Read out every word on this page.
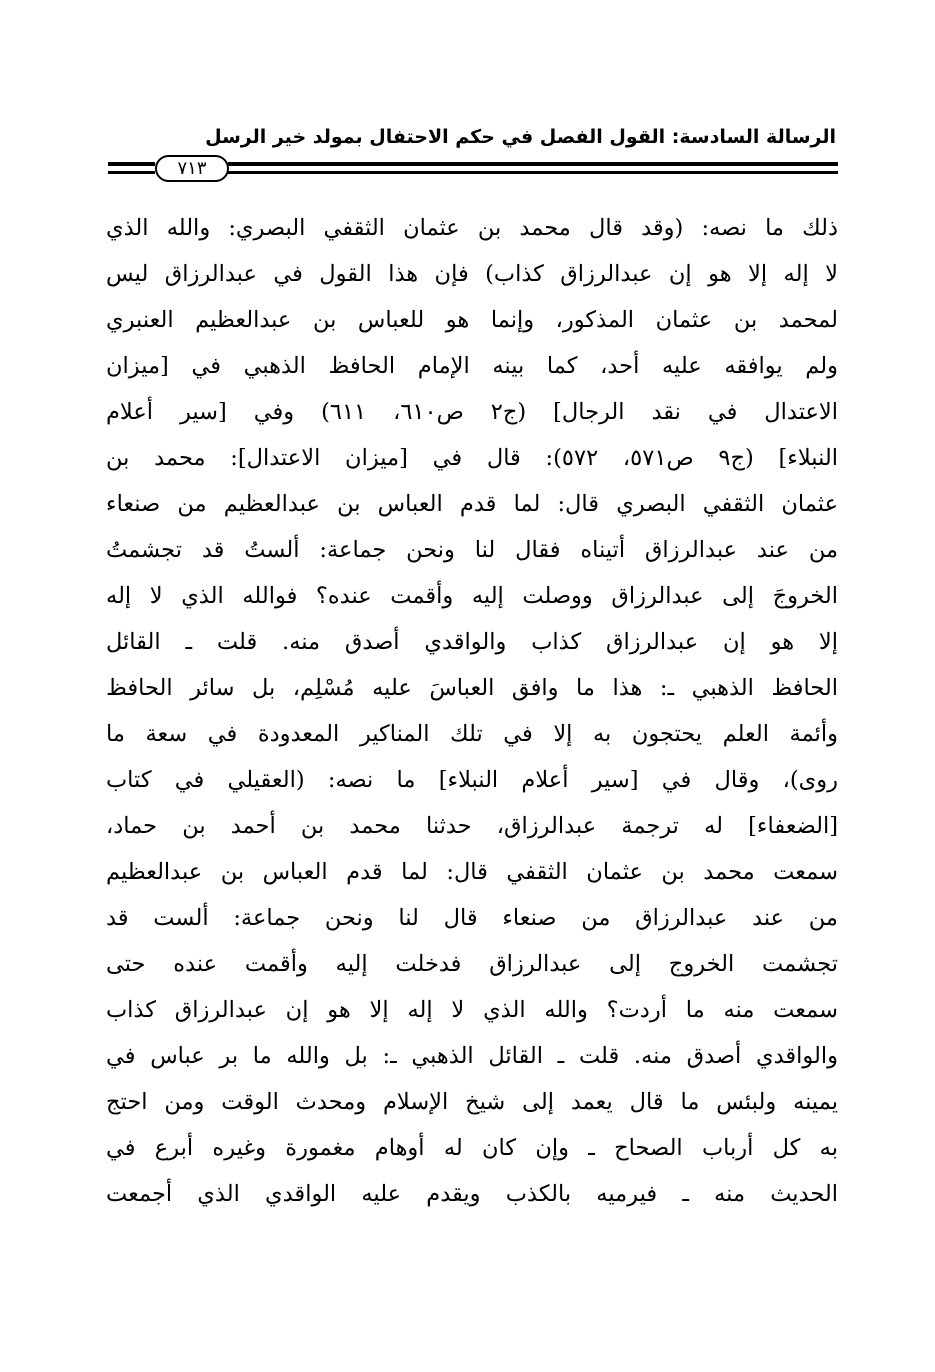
الرسالة السادسة: القول الفصل في حكم الاحتفال بمولد خير الرسل
٧١٣
ذلك ما نصه: (وقد قال محمد بن عثمان الثقفي البصري: والله الذي
لا إله إلا هو إن عبدالرزاق كذاب) فإن هذا القول في عبدالرزاق ليس
لمحمد بن عثمان المذكور، وإنما هو للعباس بن عبدالعظيم العنبري
ولم يوافقه عليه أحد، كما بينه الإمام الحافظ الذهبي في [ميزان
الاعتدال في نقد الرجال] (ج٢ ص٦١٠، ٦١١) وفي [سير أعلام
النبلاء] (ج٩ ص٥٧١، ٥٧٢): قال في [ميزان الاعتدال]: محمد بن
عثمان الثقفي البصري قال: لما قدم العباس بن عبدالعظيم من صنعاء
من عند عبدالرزاق أتيناه فقال لنا ونحن جماعة: ألستُ قد تجشمتُ
الخروجَ إلى عبدالرزاق ووصلت إليه وأقمت عنده؟ فوالله الذي لا إله
إلا هو إن عبدالرزاق كذاب والواقدي أصدق منه. قلت ـ القائل
الحافظ الذهبي ـ: هذا ما وافق العباسَ عليه مُسْلِم، بل سائر الحافظ
وأئمة العلم يحتجون به إلا في تلك المناكير المعدودة في سعة ما
روى)، وقال في [سير أعلام النبلاء] ما نصه: (العقيلي في كتاب
[الضعفاء] له ترجمة عبدالرزاق، حدثنا محمد بن أحمد بن حماد،
سمعت محمد بن عثمان الثقفي قال: لما قدم العباس بن عبدالعظيم
من عند عبدالرزاق من صنعاء قال لنا ونحن جماعة: ألست قد
تجشمت الخروج إلى عبدالرزاق فدخلت إليه وأقمت عنده حتى
سمعت منه ما أردت؟ والله الذي لا إله إلا هو إن عبدالرزاق كذاب
والواقدي أصدق منه. قلت ـ القائل الذهبي ـ: بل والله ما بر عباس في
يمينه ولبئس ما قال يعمد إلى شيخ الإسلام ومحدث الوقت ومن احتج
به كل أرباب الصحاح ـ وإن كان له أوهام مغمورة وغيره أبرع في
الحديث منه ـ فيرميه بالكذب ويقدم عليه الواقدي الذي أجمعت
